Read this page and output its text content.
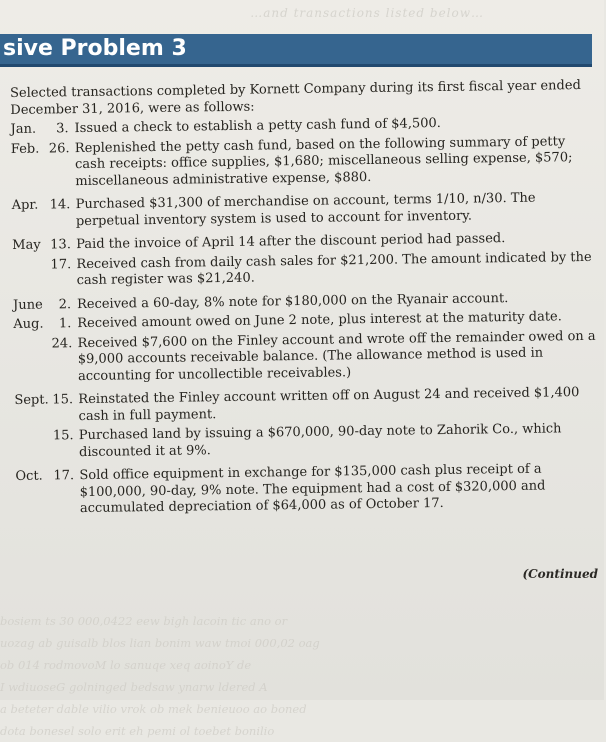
…and transactions listed below…
sive Problem 3

Selected transactions completed by Kornett Company during its first fiscal year ended December 31, 2016, were as follows:

Jan.	3. Issued a check to establish a petty cash fund of $4,500.
Feb. 26. Replenished the petty cash fund, based on the following summary of petty cash receipts: office supplies, $1,680; miscellaneous selling expense, $570; miscellaneous administrative expense, $880.
Apr. 14. Purchased $31,300 of merchandise on account, terms 1/10, n/30. The perpetual inventory system is used to account for inventory.
May 13. Paid the invoice of April 14 after the discount period had passed.
17. Received cash from daily cash sales for $21,200. The amount indicated by the cash register was $21,240.
June	2. Received a 60-day, 8% note for $180,000 on the Ryanair account.
Aug.	1. Received amount owed on June 2 note, plus interest at the maturity date.
24. Received $7,600 on the Finley account and wrote off the remainder owed on a $9,000 accounts receivable balance. (The allowance method is used in accounting for uncollectible receivables.)
Sept. 15. Reinstated the Finley account written off on August 24 and received $1,400 cash in full payment.
15. Purchased land by issuing a $670,000, 90-day note to Zahorik Co., which discounted it at 9%.
Oct. 17. Sold office equipment in exchange for $135,000 cash plus receipt of a $100,000, 90-day, 9% note. The equipment had a cost of $320,000 and accumulated depreciation of $64,000 as of October 17.
(Continued
bosiem ts 30 000,0422 eew bigh lacoin tic ano or
uozag ab guisalb blos lian bonim waw tmoi 000,02 oag
ob 014 rodmovoM lo sanuqe xeq aoinoY de
I wdiuoseG golninged bedsaw ynarw ldered A
a beteter dable vilio vrok ob mek benieuoo ao boned
dota bonesel solo erit eh pemi ol toebet bonilio
